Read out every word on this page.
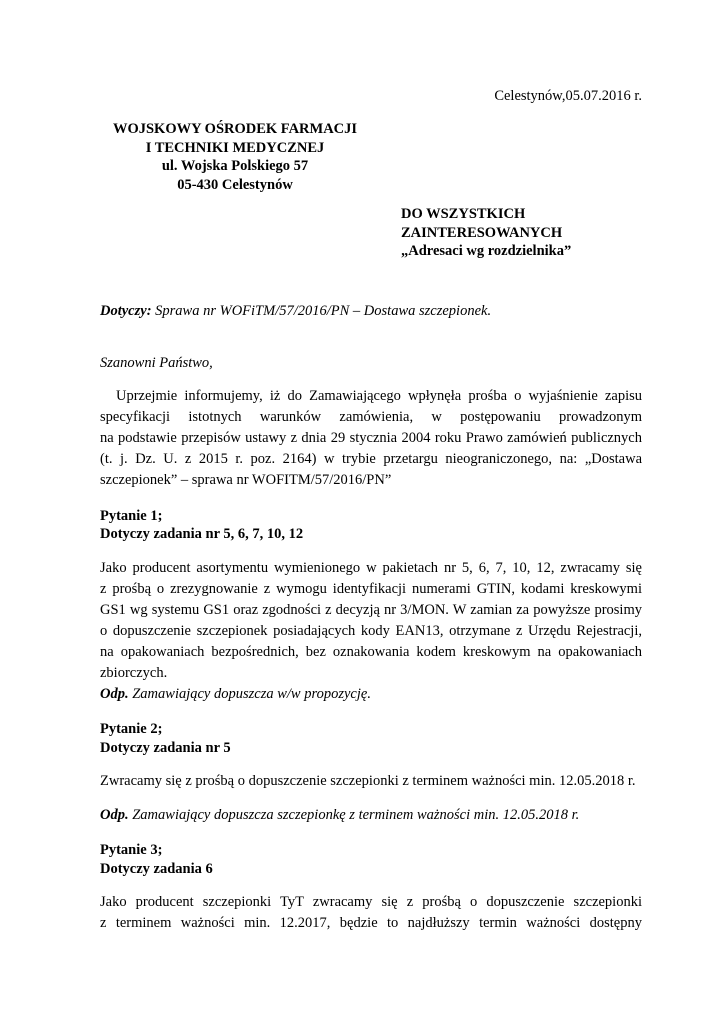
Celestynów,05.07.2016 r.
WOJSKOWY OŚRODEK FARMACJI
I TECHNIKI MEDYCZNEJ
ul. Wojska Polskiego 57
05-430 Celestynów
DO WSZYSTKICH
ZAINTERESOWANYCH
„Adresaci wg rozdzielnika”
Dotyczy: Sprawa nr WOFiTM/57/2016/PN – Dostawa szczepionek.
Szanowni Państwo,
Uprzejmie informujemy, iż do Zamawiającego wpłynęła prośba o wyjaśnienie zapisu
specyfikacji istotnych warunków zamówienia, w postępowaniu prowadzonym
na podstawie przepisów ustawy z dnia 29 stycznia 2004 roku Prawo zamówień publicznych
(t. j. Dz. U. z 2015 r. poz. 2164) w trybie przetargu nieograniczonego, na: „Dostawa
szczepionek” – sprawa nr WOFITM/57/2016/PN”
Pytanie 1;
Dotyczy zadania nr 5, 6, 7, 10, 12
Jako producent asortymentu wymienionego w pakietach nr 5, 6, 7, 10, 12, zwracamy się
z prośbą o zrezygnowanie z wymogu identyfikacji numerami GTIN, kodami kreskowymi
GS1 wg systemu GS1 oraz zgodności z decyzją nr 3/MON. W zamian za powyższe prosimy
o dopuszczenie szczepionek posiadających kody EAN13, otrzymane z Urzędu Rejestracji,
na opakowaniach bezpośrednich, bez oznakowania kodem kreskowym na opakowaniach
zbiorczych.
Odp. Zamawiający dopuszcza w/w propozycję.
Pytanie 2;
Dotyczy zadania nr 5
Zwracamy się z prośbą o dopuszczenie szczepionki z terminem ważności min. 12.05.2018 r.
Odp. Zamawiający dopuszcza szczepionkę z terminem ważności min. 12.05.2018 r.
Pytanie 3;
Dotyczy zadania 6
Jako producent szczepionki TyT zwracamy się z prośbą o dopuszczenie szczepionki
z terminem ważności min. 12.2017, będzie to najdłuższy termin ważności dostępny
